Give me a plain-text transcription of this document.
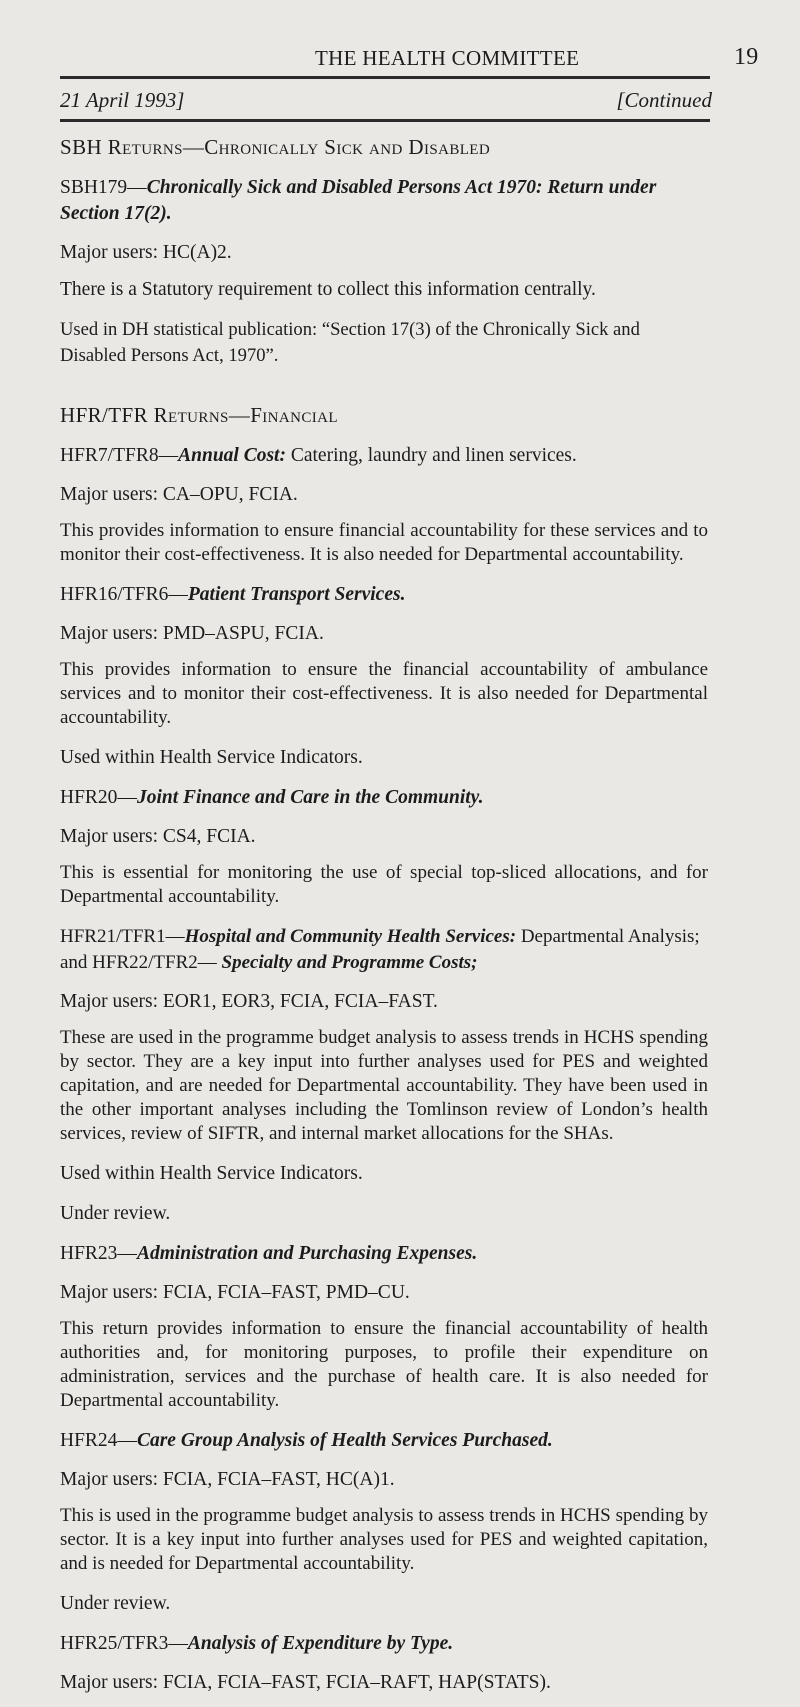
THE HEALTH COMMITTEE	19
21 April 1993]	[Continued
SBH Returns—Chronically Sick and Disabled
SBH179—Chronically Sick and Disabled Persons Act 1970: Return under Section 17(2).
Major users: HC(A)2.
There is a Statutory requirement to collect this information centrally.
Used in DH statistical publication: “Section 17(3) of the Chronically Sick and Disabled Persons Act, 1970”.
HFR/TFR Returns—Financial
HFR7/TFR8—Annual Cost: Catering, laundry and linen services.
Major users: CA–OPU, FCIA.
This provides information to ensure financial accountability for these services and to monitor their cost-effectiveness. It is also needed for Departmental accountability.
HFR16/TFR6—Patient Transport Services.
Major users: PMD–ASPU, FCIA.
This provides information to ensure the financial accountability of ambulance services and to monitor their cost-effectiveness. It is also needed for Departmental accountability.
Used within Health Service Indicators.
HFR20—Joint Finance and Care in the Community.
Major users: CS4, FCIA.
This is essential for monitoring the use of special top-sliced allocations, and for Departmental accountability.
HFR21/TFR1—Hospital and Community Health Services: Departmental Analysis; and HFR22/TFR2— Specialty and Programme Costs;
Major users: EOR1, EOR3, FCIA, FCIA–FAST.
These are used in the programme budget analysis to assess trends in HCHS spending by sector. They are a key input into further analyses used for PES and weighted capitation, and are needed for Departmental accountability. They have been used in the other important analyses including the Tomlinson review of London’s health services, review of SIFTR, and internal market allocations for the SHAs.
Used within Health Service Indicators.
Under review.
HFR23—Administration and Purchasing Expenses.
Major users: FCIA, FCIA–FAST, PMD–CU.
This return provides information to ensure the financial accountability of health authorities and, for monitoring purposes, to profile their expenditure on administration, services and the purchase of health care. It is also needed for Departmental accountability.
HFR24—Care Group Analysis of Health Services Purchased.
Major users: FCIA, FCIA–FAST, HC(A)1.
This is used in the programme budget analysis to assess trends in HCHS spending by sector. It is a key input into further analyses used for PES and weighted capitation, and is needed for Departmental accountability.
Under review.
HFR25/TFR3—Analysis of Expenditure by Type.
Major users: FCIA, FCIA–FAST, FCIA–RAFT, HAP(STATS).
